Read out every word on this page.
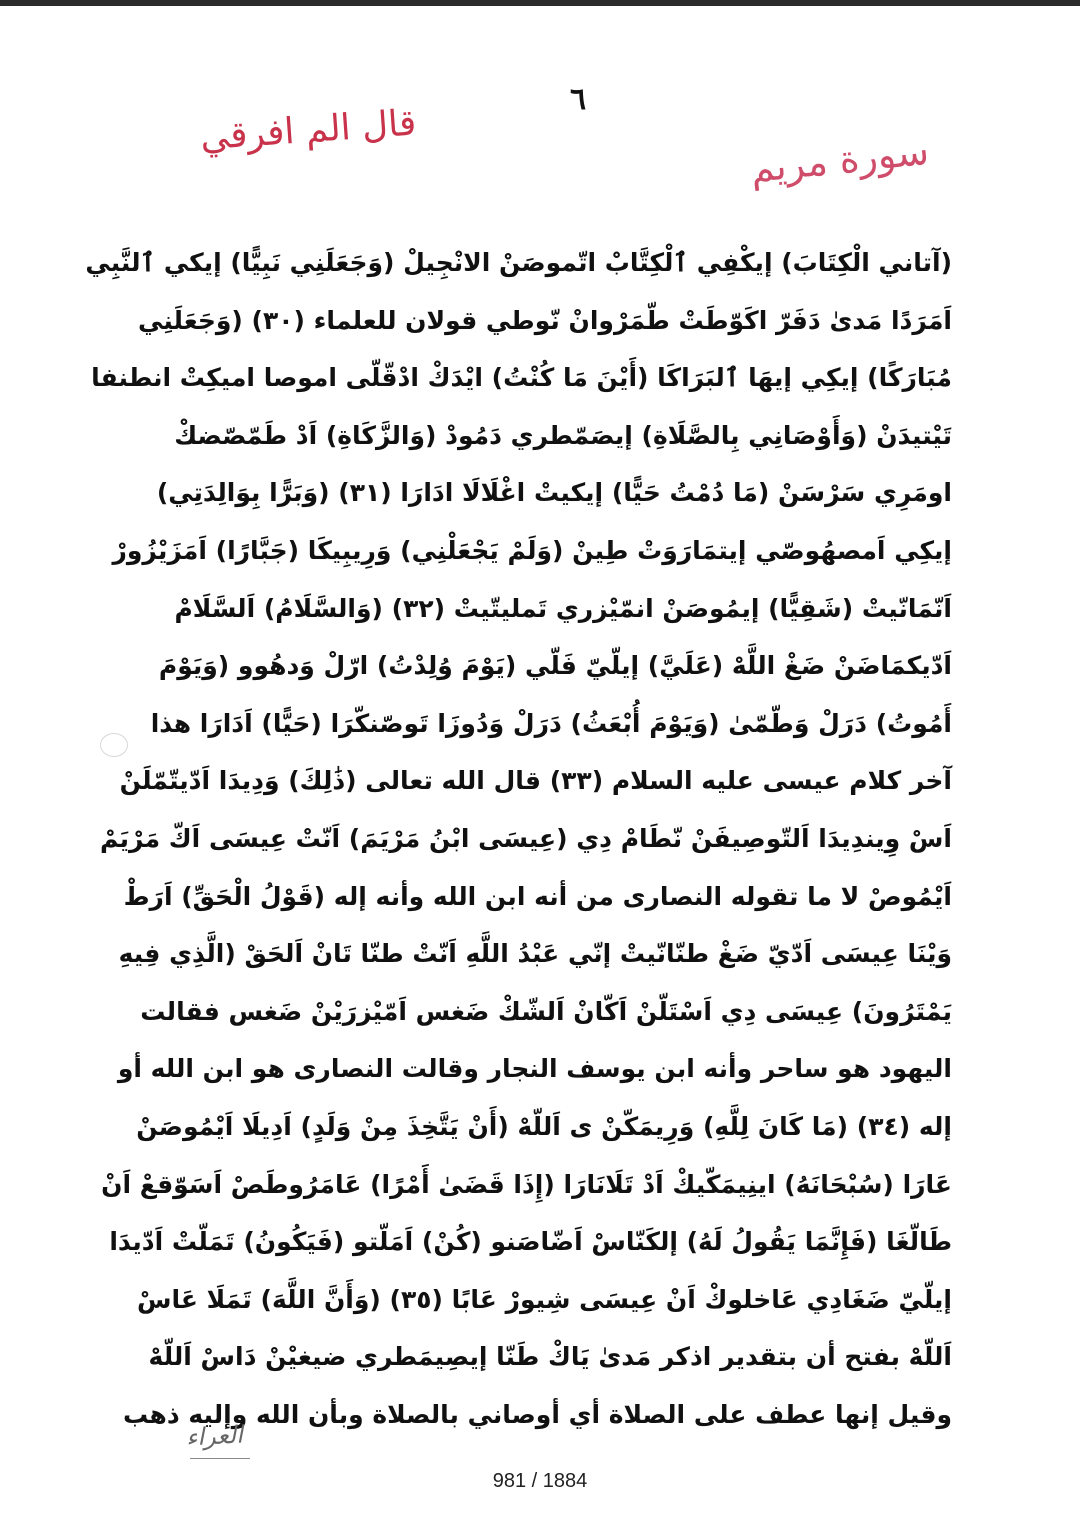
٦
قال الم افرقي	سورة مريم
(آتاني الْكِتَابَ) إيكْفِي ٱلْكِتَّابْ اتّموصَنْ الانْجِيلْ (وَجَعَلَنِي نَبِيًّا) إيكي ٱلنَّبِي
اَمَرَدًا مَدىٰ دَفَرّ اكَوّطَتْ طّمَرْوانْ نّوطي قولان للعلماء (٣٠) (وَجَعَلَنِي
مُبَارَكًا) إيكِي إيهَا ٱلبَرَاكَا (أَيْنَ مَا كُنْتُ) ايْدَكْ ادْقّلّى اموصا اميكِتْ انطنفا
تَيْتيدَنْ (وَأَوْصَانِي بِالصَّلَاةِ) إيصَمّطري دَمُودْ (وَالزَّكَاةِ) اَدْ طَمّصّضكْ
اومَرِي سَرْسَنْ (مَا دُمْتُ حَيًّا) إيكيتْ اغْلَالَا ادَارَا (٣١) (وَبَرًّا بِوَالِدَتِي)
إيكِي اَمصهُوصّي إيتمَارَوَتْ طِينْ (وَلَمْ يَجْعَلْنِي) وَرِيبِيكَا (جَبَّارًا) اَمَزَيْزُورْ
اَنّمَانّيتْ (شَقِيًّا) إيمُوصَنْ انمّيْزري تَمليتّيتْ (٣٢) (وَالسَّلَامُ) اَلسَّلَامْ
اَدّيكمَاضَنْ ضَغْ اللَّهْ (عَلَيَّ) إيلّيّ فَلّي (يَوْمَ وُلِدْتُ) ارّلْ وَدهُوو (وَيَوْمَ
أَمُوتُ) دَرَلْ وَطّمّىٰ (وَيَوْمَ أُبْعَثُ) دَرَلْ وَدُوزَا تَوصّنكّرَا (حَيًّا) اَدَارَا هذا
آخر كلام عيسى عليه السلام (٣٣) قال الله تعالى (ذَٰلِكَ) وَدِيدَا اَدّيتّمّلَنْ
اَسْ وِيندِيدَا اَلتّوصِيفَنْ نّطَامْ دِي (عِيسَى ابْنُ مَرْيَمَ) اَنّتْ عِيسَى اَكّ مَرْيَمْ
اَيْمُوصْ لا ما تقوله النصارى من أنه ابن الله وأنه إله (قَوْلُ الْحَقِّ) اَرَطْ
وَيْنَا عِيسَى اَدّيّ ضَغْ طنّانّيتْ إنّي عَبْدُ اللَّهِ اَنّتْ طنّا تَانْ اَلحَقْ (الَّذِي فِيهِ
يَمْتَرُونَ) عِيسَى دِي اَسْتَلّنْ اَكّانْ اَلشّكْ ضَغس اَمّيْزرَيْنْ ضَغس فقالت
اليهود هو ساحر وأنه ابن يوسف النجار وقالت النصارى هو ابن الله أو
إله (٣٤) (مَا كَانَ لِلَّهِ) وَرِيمَكّنْ ى اَللّهْ (أَنْ يَتَّخِذَ مِنْ وَلَدٍ) اَدِيلَا اَيْمُوصَنْ
عَارَا (سُبْحَانَهُ) اينِيمَكّيكْ اَدْ تَلَانَارَا (إِذَا قَضَىٰ أَمْرًا) عَامَرُوطَصْ اَسَوّقعْ اَنْ
طَالّغَا (فَإِنَّمَا يَقُولُ لَهُ) إلكَنّاسْ اَضّاصَنو (كُنْ) اَمَلّتو (فَيَكُونُ) تَمَلّتْ اَدّيدَا
إيلّيّ ضَغَادِي عَاخلوكْ اَنْ عِيسَى شِيورْ عَابًا (٣٥) (وَأَنَّ اللَّهَ) تَمَلَا عَاسْ
اَللّهْ بفتح أن بتقدير اذكر مَدىٰ يَاكْ طَنّا إيصِيمَطري ضيغيْنْ دَاسْ اَللّهْ
وقيل إنها عطف على الصلاة أي أوصاني بالصلاة وبأن الله وإليه ذهب
العراء
981 / 1884
